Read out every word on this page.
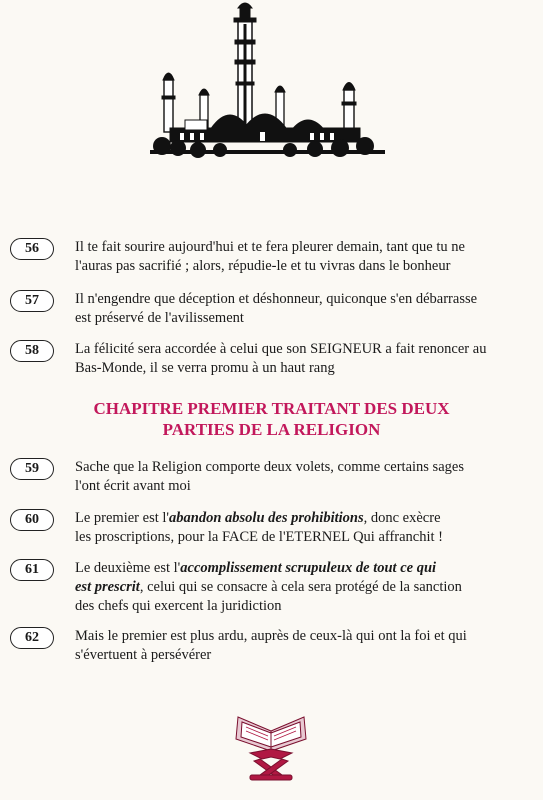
56	Il te fait sourire aujourd'hui et te fera pleurer demain, tant que tu ne
l'auras pas sacrifié ; alors, répudie-le et tu vivras dans le bonheur

57	Il n'engendre que déception et déshonneur, quiconque s'en débarrasse
est préservé de l'avilissement

58	La félicité sera accordée à celui que son SEIGNEUR a fait renoncer au
Bas-Monde, il se verra promu à un haut rang

CHAPITRE PREMIER TRAITANT DES DEUX
PARTIES DE LA RELIGION
59	Sache que la Religion comporte deux volets, comme certains sages
l'ont écrit avant moi

60	Le premier est l'abandon absolu des prohibitions, donc exècre
les proscriptions, pour la FACE de l'ETERNEL Qui affranchit !

61	Le deuxième est l'accomplissement scrupuleux de tout ce qui
est prescrit, celui qui se consacre à cela sera protégé de la sanction
des chefs qui exercent la juridiction

62	Mais le premier est plus ardu, auprès de ceux-là qui ont la foi et qui
s'évertuent à persévérer
